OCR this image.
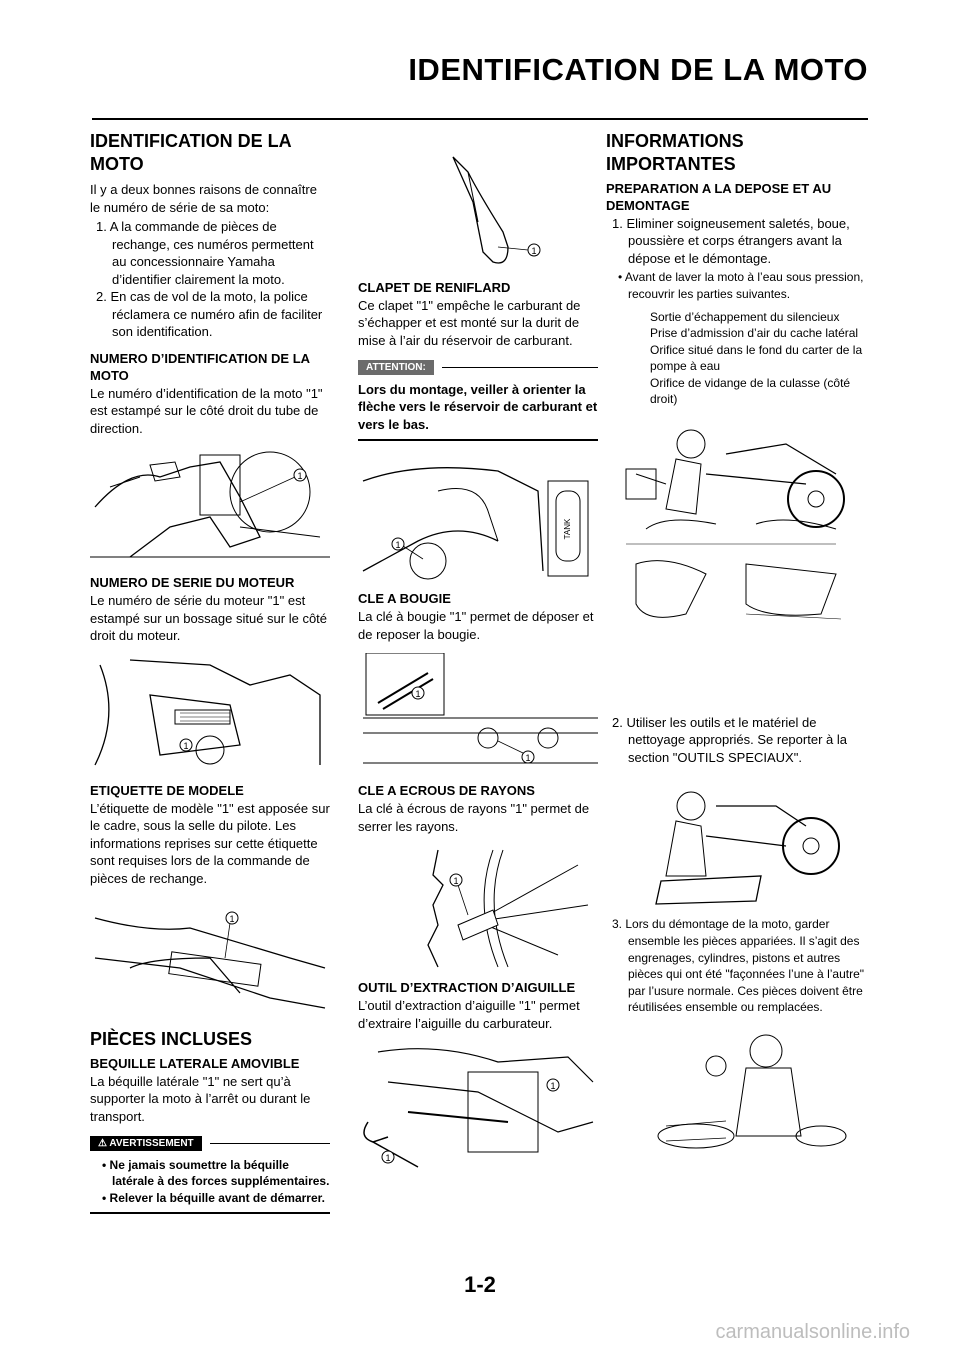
IDENTIFICATION DE LA MOTO
IDENTIFICATION DE LA MOTO

Il y a deux bonnes raisons de connaître le numéro de série de sa moto:

1. A la commande de pièces de rechange, ces numéros permettent au concessionnaire Yamaha d’identifier clairement la moto.
2. En cas de vol de la moto, la police réclamera ce numéro afin de faciliter son identification.
NUMERO D’IDENTIFICATION DE LA MOTO

Le numéro d’identification de la moto "1" est estampé sur le côté droit du tube de direction.

1
NUMERO DE SERIE DU MOTEUR

Le numéro de série du moteur "1" est estampé sur un bossage situé sur le côté droit du moteur.

1
ETIQUETTE DE MODELE

L’étiquette de modèle "1" est apposée sur le cadre, sous la selle du pilote. Les informations reprises sur cette étiquette sont requises lors de la commande de pièces de rechange.

1
PIÈCES INCLUSES
BEQUILLE LATERALE AMOVIBLE

La béquille latérale "1" ne sert qu’à supporter la moto à l’arrêt ou durant le transport.

⚠ AVERTISSEMENT
• Ne jamais soumettre la béquille latérale à des forces supplémentaires.
• Relever la béquille avant de démarrer.
1
CLAPET DE RENIFLARD

Ce clapet "1" empêche le carburant de s’échapper et est monté sur la durit de mise à l’air du réservoir de carburant.

ATTENTION:
Lors du montage, veiller à orienter la flèche vers le réservoir de carburant et vers le bas.
TANK
1
CLE A BOUGIE

La clé à bougie "1" permet de déposer et de reposer la bougie.

1
1
CLE A ECROUS DE RAYONS

La clé à écrous de rayons "1" permet de serrer les rayons.

1
OUTIL D’EXTRACTION D’AIGUILLE

L’outil d’extraction d’aiguille "1" permet d’extraire l’aiguille du carburateur.

1
1
INFORMATIONS IMPORTANTES
PREPARATION A LA DEPOSE ET AU DEMONTAGE
1. Eliminer soigneusement saletés, boue, poussière et corps étrangers avant la dépose et le démontage.
• Avant de laver la moto à l’eau sous pression, recouvrir les parties suivantes.
Sortie d’échappement du silencieux
Prise d’admission d’air du cache latéral
Orifice situé dans le fond du carter de la pompe à eau
Orifice de vidange de la culasse (côté droit)
2. Utiliser les outils et le matériel de nettoyage appropriés. Se reporter à la section "OUTILS SPECIAUX".
3. Lors du démontage de la moto, garder ensemble les pièces appariées. Il s’agit des engrenages, cylindres, pistons et autres pièces qui ont été "façonnées l’une à l’autre" par l’usure normale. Ces pièces doivent être réutilisées ensemble ou remplacées.
1-2
carmanualsonline.info
